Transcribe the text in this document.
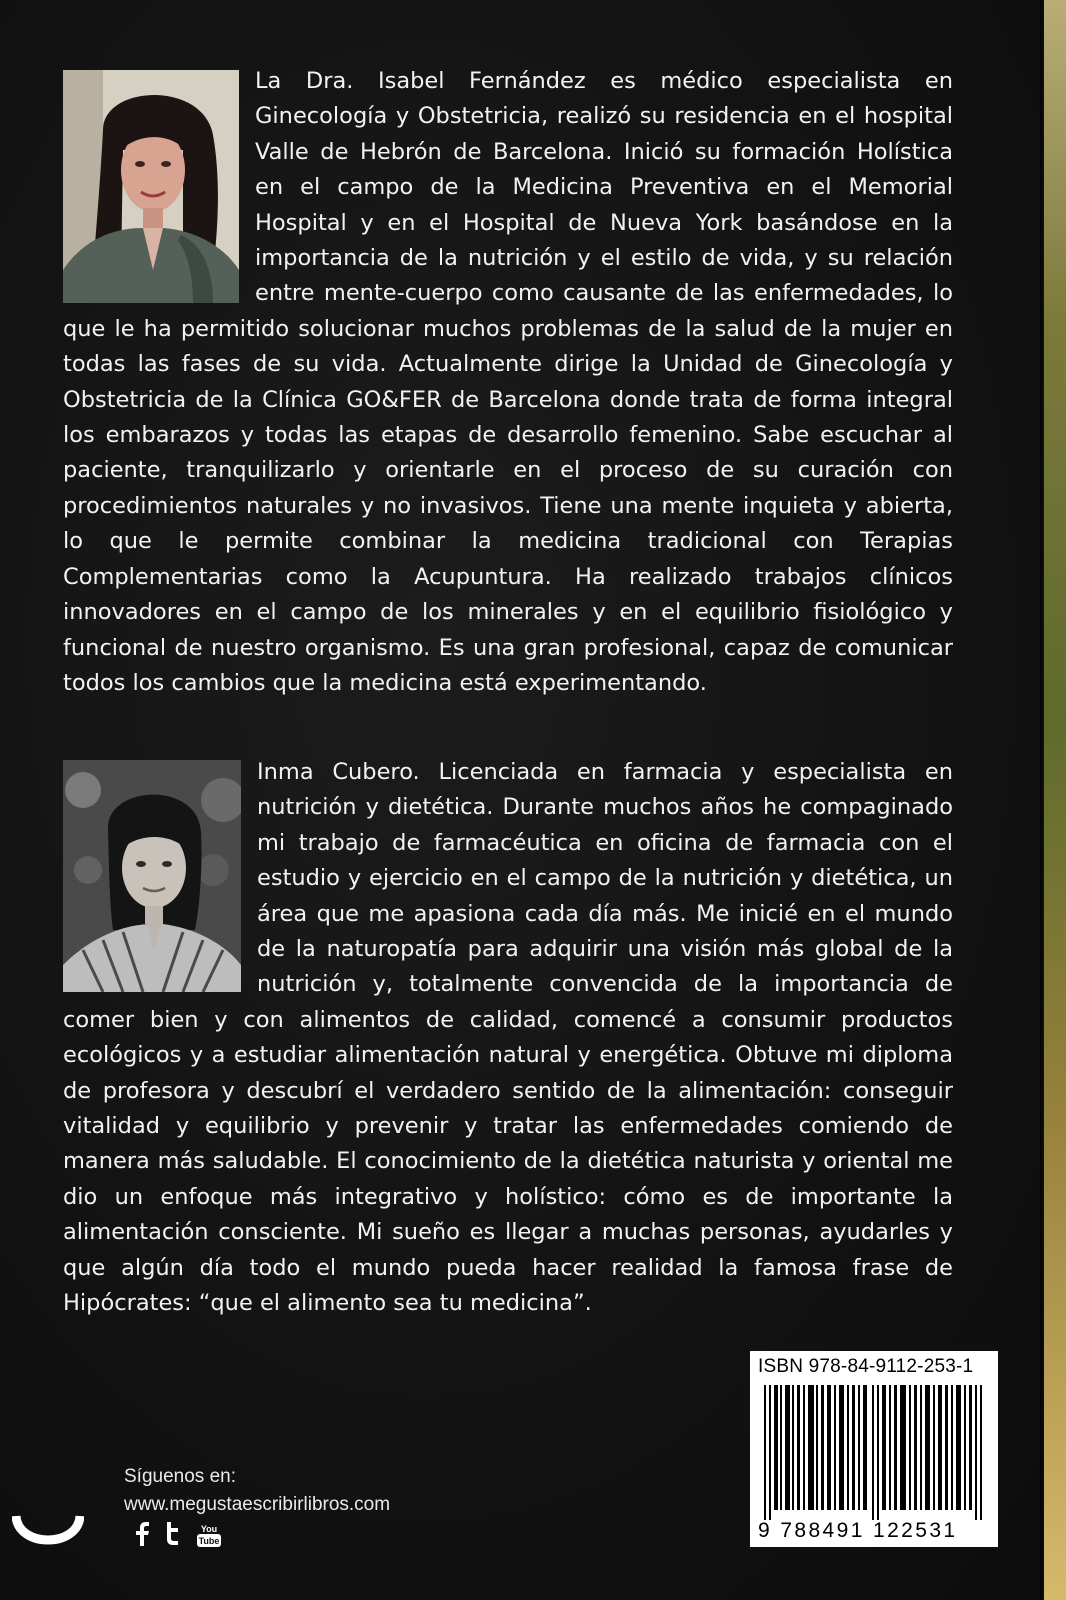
La Dra. Isabel Fernández es médico especialista en Ginecología y Obstetricia, realizó su residencia en el hospital Valle de Hebrón de Barcelona. Inició su formación Holística en el campo de la Medicina Preventiva en el Memorial Hospital y en el Hospital de Nueva York basándose en la importancia de la nutrición y el estilo de vida, y su relación entre mente-cuerpo como causante de las enfermedades, lo que le ha permitido solucionar muchos problemas de la salud de la mujer en todas las fases de su vida. Actualmente dirige la Unidad de Ginecología y Obstetricia de la Clínica GO&FER de Barcelona donde trata de forma integral los embarazos y todas las etapas de desarrollo femenino. Sabe escuchar al paciente, tranquilizarlo y orientarle en el proceso de su curación con procedimientos naturales y no invasivos. Tiene una mente inquieta y abierta, lo que le permite combinar la medicina tradicional con Terapias Complementarias como la Acupuntura. Ha realizado trabajos clínicos innovadores en el campo de los minerales y en el equilibrio fisiológico y funcional de nuestro organismo. Es una gran profesional, capaz de comunicar todos los cambios que la medicina está experimentando.
Inma Cubero. Licenciada en farmacia y especialista en nutrición y dietética. Durante muchos años he compaginado mi trabajo de farmacéutica en oficina de farmacia con el estudio y ejercicio en el campo de la nutrición y dietética, un área que me apasiona cada día más. Me inicié en el mundo de la naturopatía para adquirir una visión más global de la nutrición y, totalmente convencida de la importancia de comer bien y con alimentos de calidad, comencé a consumir productos ecológicos y a estudiar alimentación natural y energética. Obtuve mi diploma de profesora y descubrí el verdadero sentido de la alimentación: conseguir vitalidad y equilibrio y prevenir y tratar las enfermedades comiendo de manera más saludable. El conocimiento de la dietética naturista y oriental me dio un enfoque más integrativo y holístico: cómo es de importante la alimentación consciente. Mi sueño es llegar a muchas personas, ayudarles y que algún día todo el mundo pueda hacer realidad la famosa frase de Hipócrates: “que el alimento sea tu medicina”.
ISBN 978-84-9112-253-1
9 788491 122531
Síguenos en:
www.megustaescribirlibros.com
You
Tube
